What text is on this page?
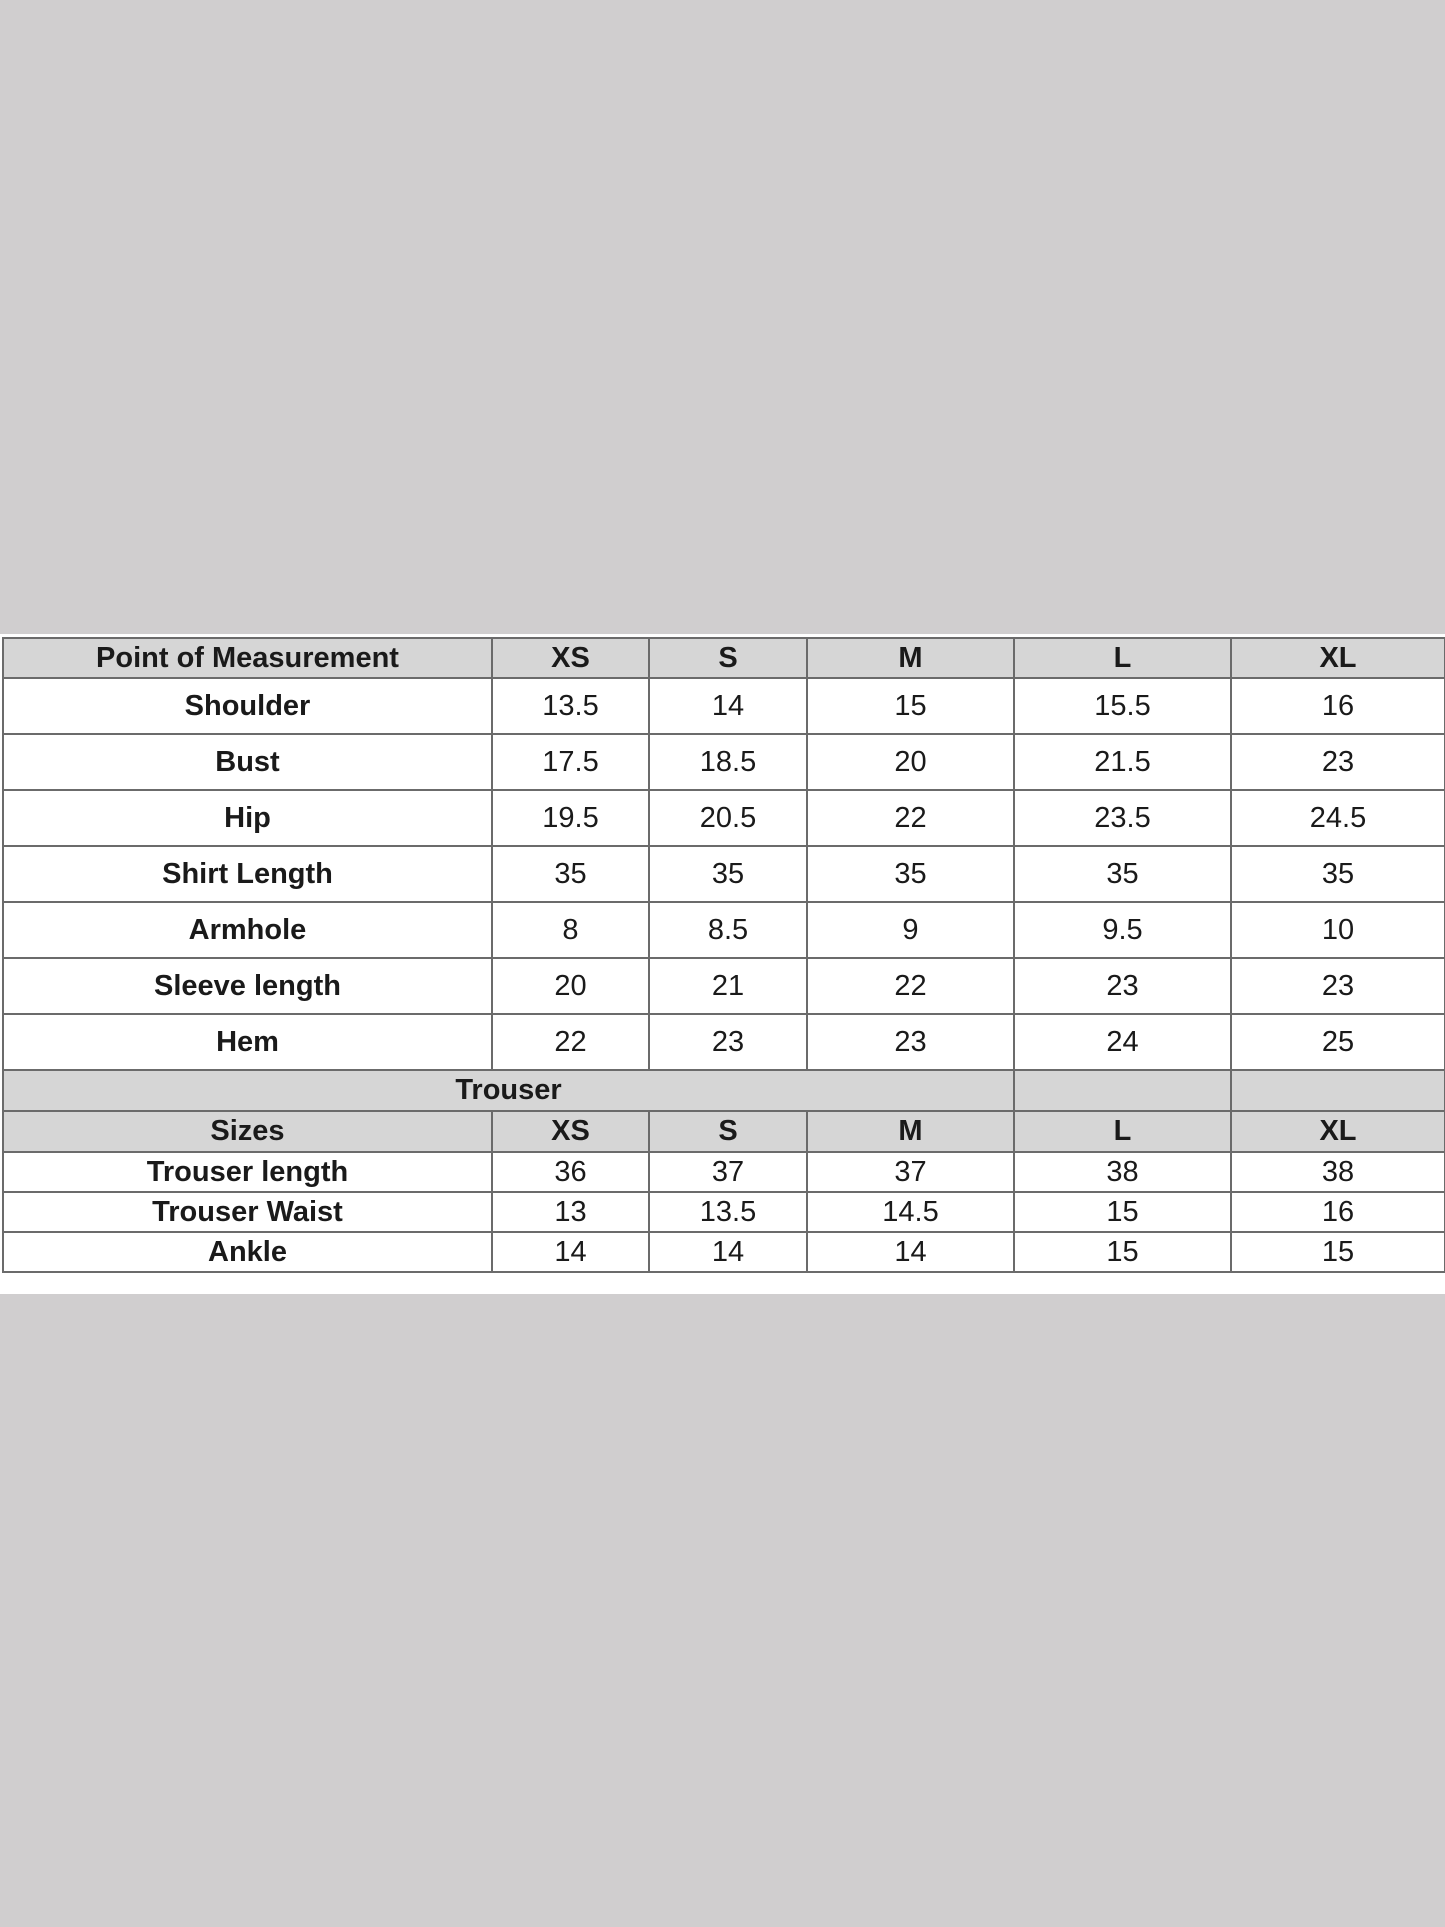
Point of Measurement	XS	S	M	L	XL
Shoulder	13.5	14	15	15.5	16
Bust	17.5	18.5	20	21.5	23
Hip	19.5	20.5	22	23.5	24.5
Shirt Length	35	35	35	35	35
Armhole	8	8.5	9	9.5	10
Sleeve length	20	21	22	23	23
Hem	22	23	23	24	25
Trouser					
Sizes	XS	S	M	L	XL
Trouser length	36	37	37	38	38
Trouser Waist	13	13.5	14.5	15	16
Ankle	14	14	14	15	15
